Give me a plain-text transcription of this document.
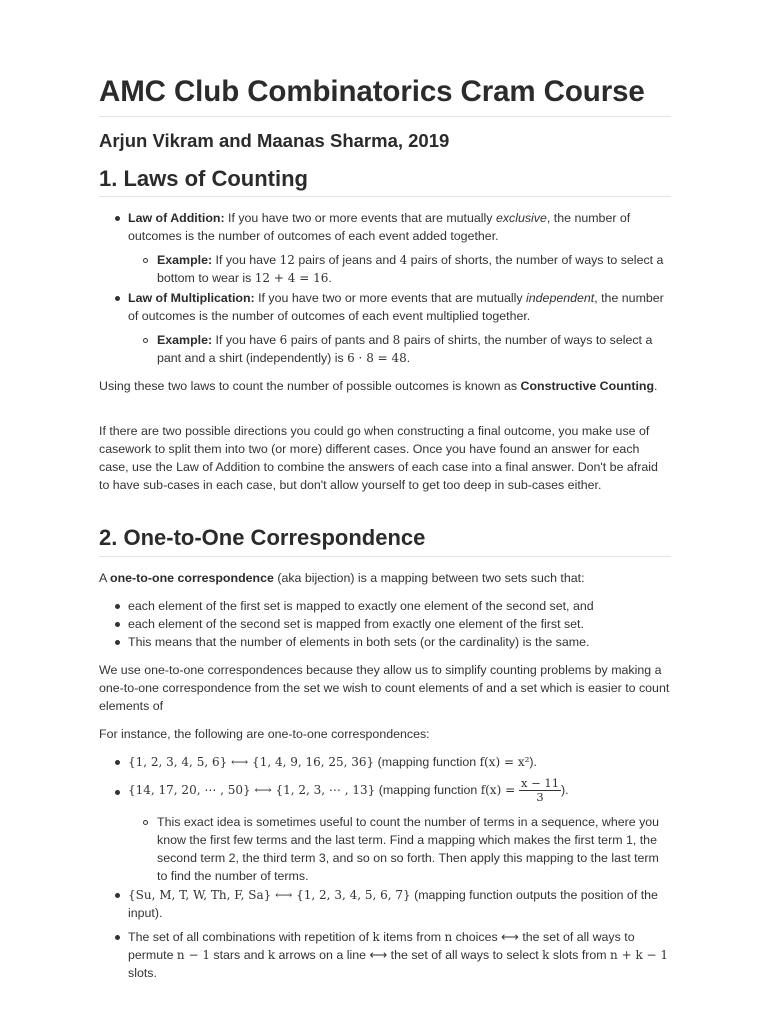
AMC Club Combinatorics Cram Course
Arjun Vikram and Maanas Sharma, 2019
1. Laws of Counting

Law of Addition: If you have two or more events that are mutually exclusive, the number of outcomes is the number of outcomes of each event added together.

Example: If you have 12 pairs of jeans and 4 pairs of shorts, the number of ways to select a bottom to wear is 12 + 4 = 16.

Law of Multiplication: If you have two or more events that are mutually independent, the number of outcomes is the number of outcomes of each event multiplied together.

Example: If you have 6 pairs of pants and 8 pairs of shirts, the number of ways to select a pant and a shirt (independently) is 6 · 8 = 48.

Using these two laws to count the number of possible outcomes is known as Constructive Counting.

If there are two possible directions you could go when constructing a final outcome, you make use of casework to split them into two (or more) different cases. Once you have found an answer for each case, use the Law of Addition to combine the answers of each case into a final answer. Don't be afraid to have sub-cases in each case, but don't allow yourself to get too deep in sub-cases either.

2. One-to-One Correspondence

A one-to-one correspondence (aka bijection) is a mapping between two sets such that:

each element of the first set is mapped to exactly one element of the second set, and

each element of the second set is mapped from exactly one element of the first set.

This means that the number of elements in both sets (or the cardinality) is the same.

We use one-to-one correspondences because they allow us to simplify counting problems by making a one-to-one correspondence from the set we wish to count elements of and a set which is easier to count elements of

For instance, the following are one-to-one correspondences:

{1, 2, 3, 4, 5, 6} ⟷ {1, 4, 9, 16, 25, 36} (mapping function f(x) = x²).

{14, 17, 20, ⋯ , 50} ⟷ {1, 2, 3, ⋯ , 13} (mapping function $f(x) = \frac{x - 11}{3}$ ).

This exact idea is sometimes useful to count the number of terms in a sequence, where you know the first few terms and the last term. Find a mapping which makes the first term 1, the second term 2, the third term 3, and so on so forth. Then apply this mapping to the last term to find the number of terms.

{Su, M, T, W, Th, F, Sa} ⟷ {1, 2, 3, 4, 5, 6, 7} (mapping function outputs the position of the input).

The set of all combinations with repetition of k items from n choices ⟷ the set of all ways to permute n − 1 stars and k arrows on a line ⟷ the set of all ways to select k slots from n + k − 1 slots.
